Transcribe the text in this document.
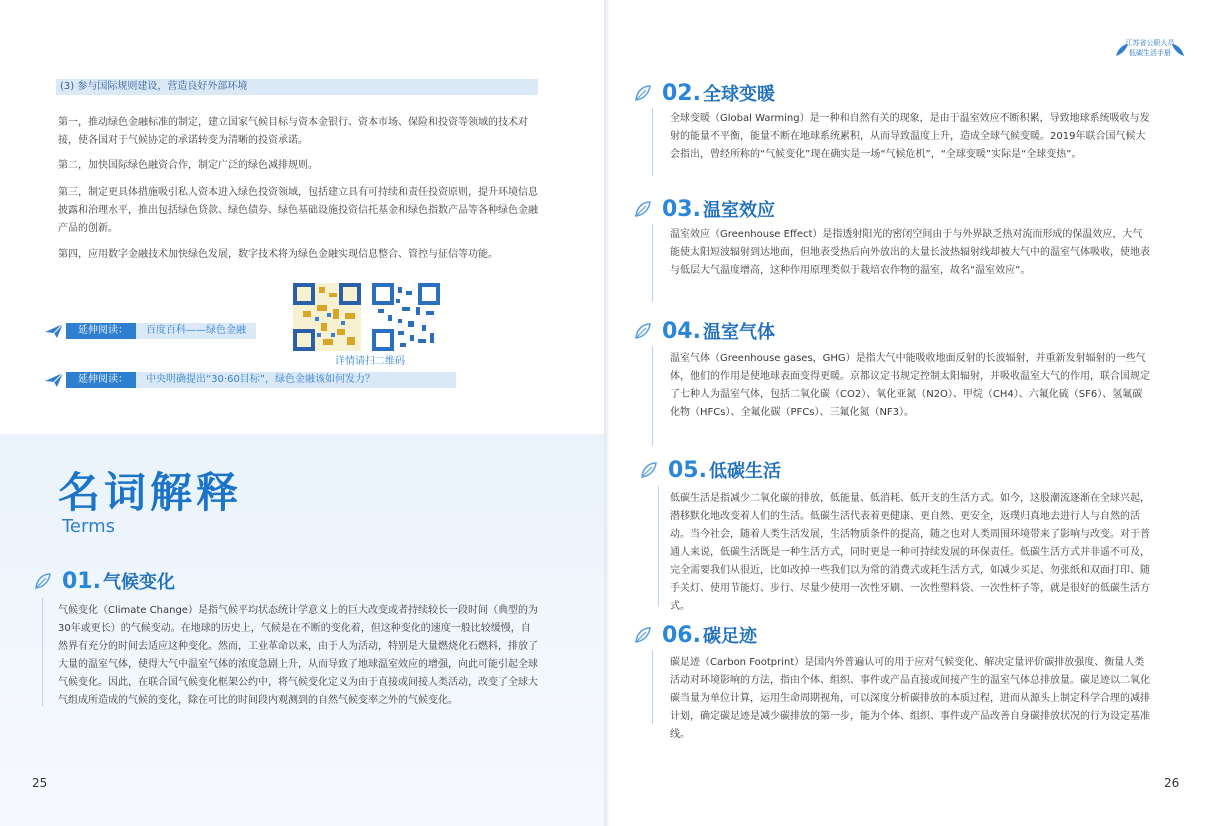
(3) 参与国际规则建设，营造良好外部环境

第一，推动绿色金融标准的制定，建立国家气候目标与资本金银行、资本市场、保险和投资等领域的技术对接，使各国对于气候协定的承诺转变为清晰的投资承诺。

第二，加快国际绿色融资合作，制定广泛的绿色减排规则。

第三，制定更具体措施吸引私人资本进入绿色投资领域，包括建立具有可持续和责任投资原则，提升环境信息披露和治理水平，推出包括绿色贷款、绿色债券、绿色基础设施投资信托基金和绿色指数产品等各种绿色金融产品的创新。

第四，应用数字金融技术加快绿色发展，数字技术将为绿色金融实现信息整合、管控与征信等功能。

详情请扫二维码
延伸阅读：	百度百科——绿色金融
延伸阅读：	中央明确提出“30·60目标”，绿色金融该如何发力？
名词解释
Terms
01. 气候变化

气候变化（Climate Change）是指气候平均状态统计学意义上的巨大改变或者持续较长一段时间（典型的为30年或更长）的气候变动。在地球的历史上，气候是在不断的变化着，但这种变化的速度一般比较缓慢，自然界有充分的时间去适应这种变化。然而，工业革命以来，由于人为活动，特别是大量燃烧化石燃料，排放了大量的温室气体，使得大气中温室气体的浓度急剧上升，从而导致了地球温室效应的增强，向此可能引起全球气候变化。因此，在联合国气候变化框架公约中，将气候变化定义为由于直接或间接人类活动，改变了全球大气组成所造成的气候的变化，除在可比的时间段内观测到的自然气候变率之外的气候变化。

25
江苏省公职人员
低碳生活手册
02. 全球变暖

全球变暖（Global Warming）是一种和自然有关的现象，是由于温室效应不断积累，导致地球系统吸收与发射的能量不平衡，能量不断在地球系统累积，从而导致温度上升，造成全球气候变暖。2019年联合国气候大会指出，曾经所称的“气候变化”现在确实是一场“气候危机”，“全球变暖”实际是“全球变热”。

03. 温室效应

温室效应（Greenhouse Effect）是指透射阳光的密闭空间由于与外界缺乏热对流而形成的保温效应，大气能使太阳短波辐射到达地面，但地表受热后向外放出的大量长波热辐射线却被大气中的温室气体吸收，使地表与低层大气温度增高，这种作用原理类似于栽培农作物的温室，故名“温室效应”。

04. 温室气体

温室气体（Greenhouse gases，GHG）是指大气中能吸收地面反射的长波辐射，并重新发射辐射的一些气体，他们的作用是使地球表面变得更暖。京都议定书规定控制太阳辐射，并吸收温室大气的作用，联合国规定了七种人为温室气体，包括二氧化碳（CO2）、氧化亚氮（N2O）、甲烷（CH4）、六氟化硫（SF6）、氢氟碳化物（HFCs）、全氟化碳（PFCs）、三氟化氮（NF3）。

05. 低碳生活

低碳生活是指减少二氧化碳的排放，低能量、低消耗、低开支的生活方式。如今，这股潮流逐渐在全球兴起，潜移默化地改变着人们的生活。低碳生活代表着更健康、更自然、更安全，返璞归真地去进行人与自然的活动。当今社会，随着人类生活发展，生活物质条件的提高，随之也对人类周围环境带来了影响与改变。对于普通人来说，低碳生活既是一种生活方式，同时更是一种可持续发展的环保责任。低碳生活方式并非遥不可及，完全需要我们从很近，比如改掉一些我们以为常的消费式或耗生活方式，如减少买足、勿张纸和双面打印、随手关灯、使用节能灯、步行、尽量少使用一次性牙刷、一次性塑料袋、一次性杯子等，就是很好的低碳生活方式。

06. 碳足迹

碳足迹（Carbon Footprint）是国内外普遍认可的用于应对气候变化、解决定量评价碳排放强度、衡量人类活动对环境影响的方法，指由个体、组织、事件或产品直接或间接产生的温室气体总排放量。碳足迹以二氧化碳当量为单位计算，运用生命周期视角，可以深度分析碳排放的本质过程，进而从源头上制定科学合理的减排计划，确定碳足迹是减少碳排放的第一步，能为个体、组织、事件或产品改善自身碳排放状况的行为设定基准线。

26
